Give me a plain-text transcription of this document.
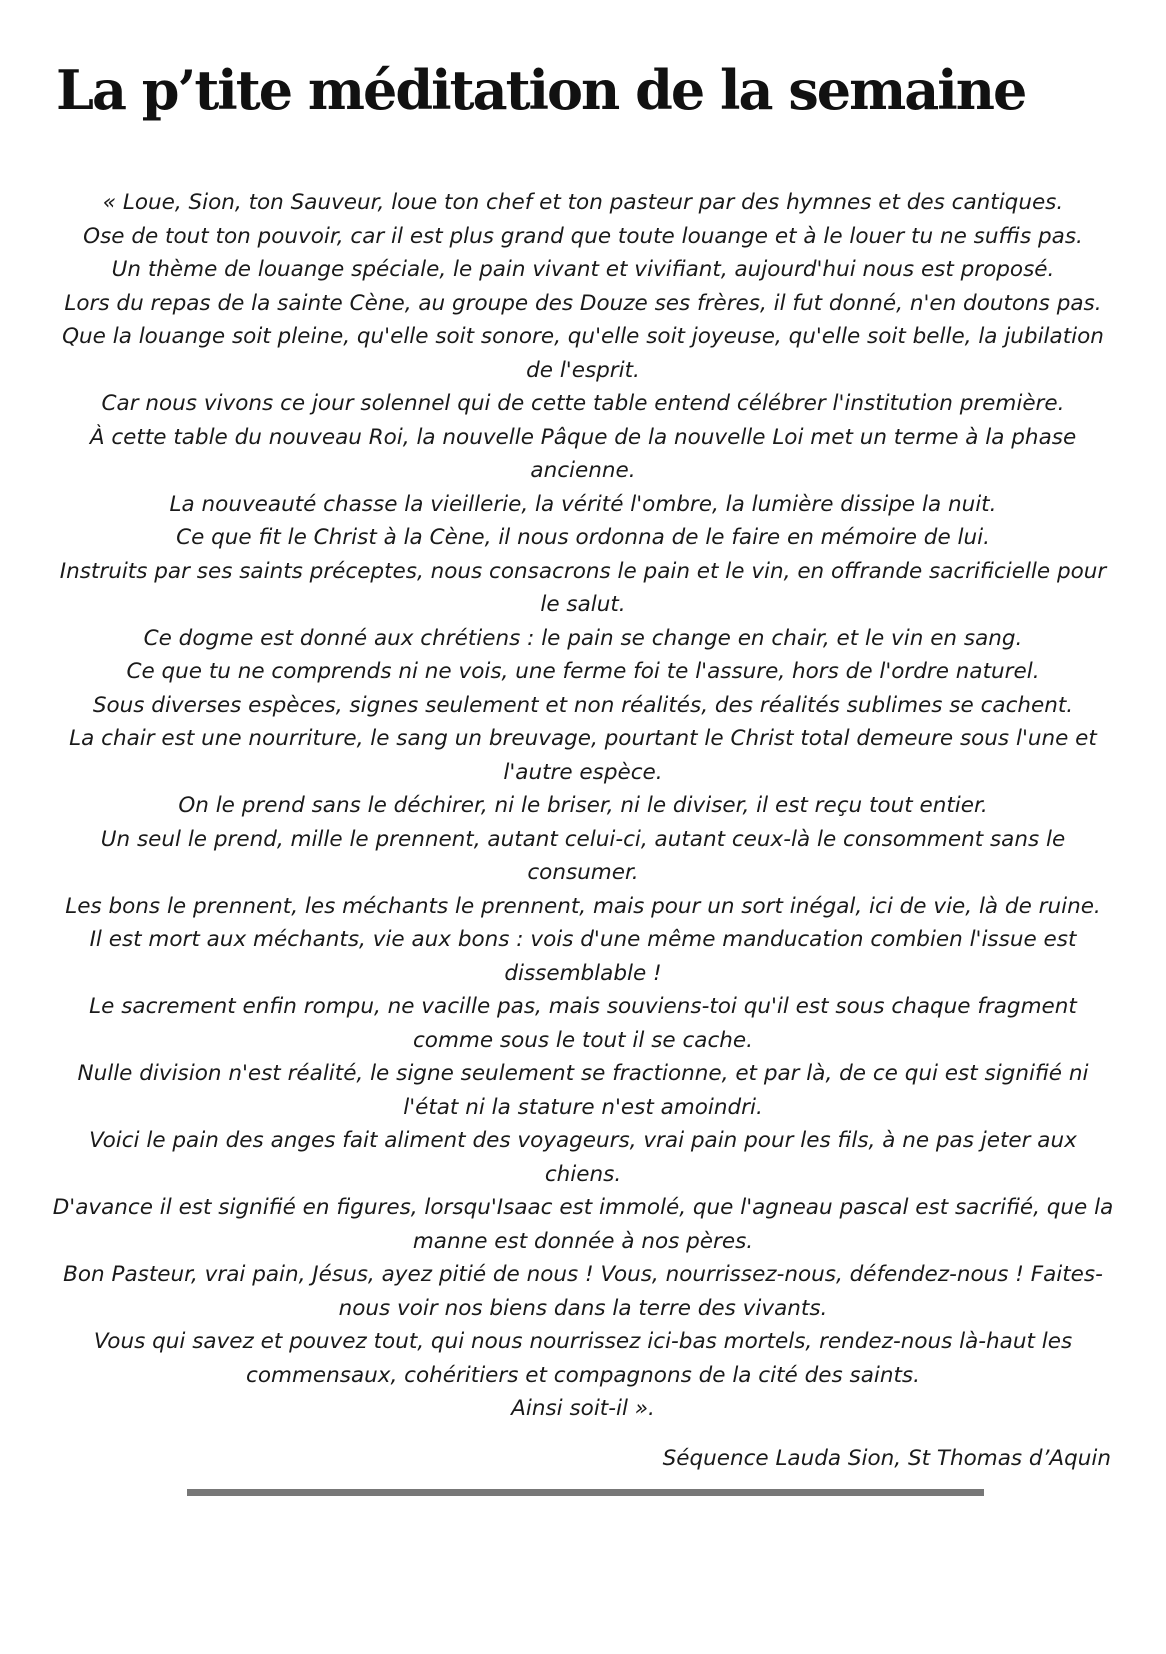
La p’tite méditation de la semaine
« Loue, Sion, ton Sauveur, loue ton chef et ton pasteur par des hymnes et des cantiques.
Ose de tout ton pouvoir, car il est plus grand que toute louange et à le louer tu ne suffis pas.
Un thème de louange spéciale, le pain vivant et vivifiant, aujourd'hui nous est proposé.
Lors du repas de la sainte Cène, au groupe des Douze ses frères, il fut donné, n'en doutons pas.
Que la louange soit pleine, qu'elle soit sonore, qu'elle soit joyeuse, qu'elle soit belle, la jubilation de l'esprit.
Car nous vivons ce jour solennel qui de cette table entend célébrer l'institution première.
À cette table du nouveau Roi, la nouvelle Pâque de la nouvelle Loi met un terme à la phase ancienne.
La nouveauté chasse la vieillerie, la vérité l'ombre, la lumière dissipe la nuit.
Ce que fit le Christ à la Cène, il nous ordonna de le faire en mémoire de lui.
Instruits par ses saints préceptes, nous consacrons le pain et le vin, en offrande sacrificielle pour le salut.
Ce dogme est donné aux chrétiens : le pain se change en chair, et le vin en sang.
Ce que tu ne comprends ni ne vois, une ferme foi te l'assure, hors de l'ordre naturel.
Sous diverses espèces, signes seulement et non réalités, des réalités sublimes se cachent.
La chair est une nourriture, le sang un breuvage, pourtant le Christ total demeure sous l'une et l'autre espèce.
On le prend sans le déchirer, ni le briser, ni le diviser, il est reçu tout entier.
Un seul le prend, mille le prennent, autant celui-ci, autant ceux-là le consomment sans le consumer.
Les bons le prennent, les méchants le prennent, mais pour un sort inégal, ici de vie, là de ruine.
Il est mort aux méchants, vie aux bons : vois d'une même manducation combien l'issue est dissemblable !
Le sacrement enfin rompu, ne vacille pas, mais souviens-toi qu'il est sous chaque fragment comme sous le tout il se cache.
Nulle division n'est réalité, le signe seulement se fractionne, et par là, de ce qui est signifié ni l'état ni la stature n'est amoindri.
Voici le pain des anges fait aliment des voyageurs, vrai pain pour les fils, à ne pas jeter aux chiens.
D'avance il est signifié en figures, lorsqu'Isaac est immolé, que l'agneau pascal est sacrifié, que la manne est donnée à nos pères.
Bon Pasteur, vrai pain, Jésus, ayez pitié de nous ! Vous, nourrissez-nous, défendez-nous ! Faites-nous voir nos biens dans la terre des vivants.
Vous qui savez et pouvez tout, qui nous nourrissez ici-bas mortels, rendez-nous là-haut les commensaux, cohéritiers et compagnons de la cité des saints.
Ainsi soit-il ».
Séquence Lauda Sion, St Thomas d’Aquin
